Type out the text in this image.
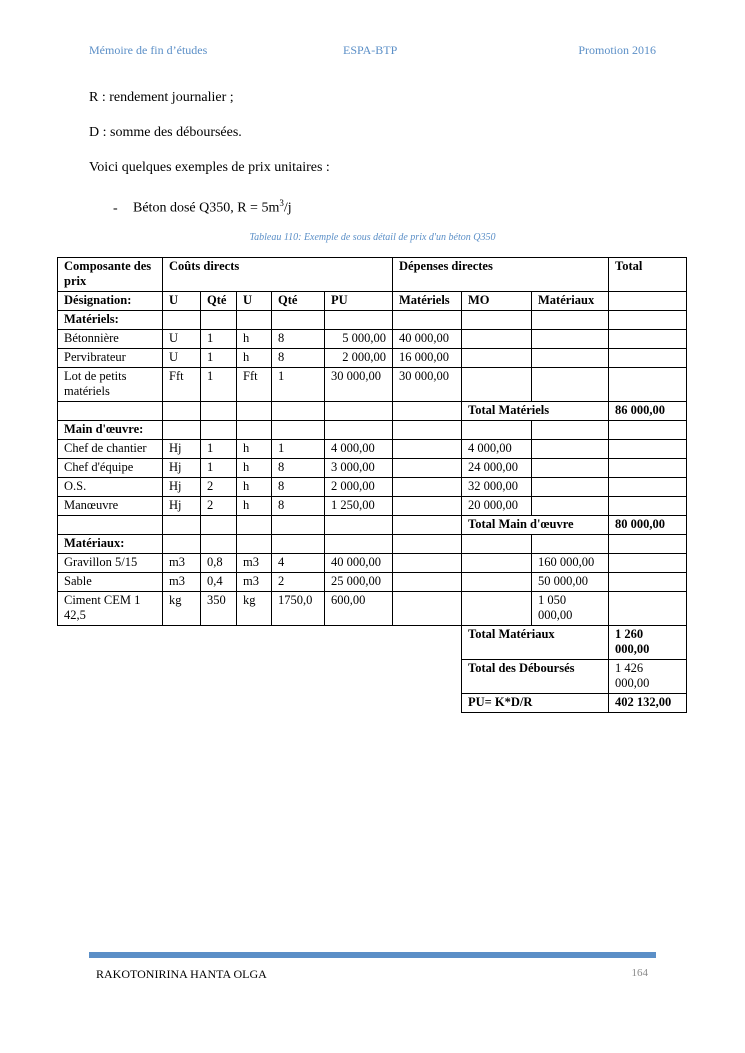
Mémoire de fin d’études	ESPA-BTP	Promotion 2016
R : rendement journalier ;
D : somme des déboursées.
Voici quelques exemples de prix unitaires :
- Béton dosé Q350, $R = 5m^3/j$
Tableau 110: Exemple de sous détail de prix d'un béton Q350
Composante des prix	Coûts directs					Dépenses directes			Total
Désignation:	U	Qté	U	Qté	PU	Matériels	MO	Matériaux	
Matériels:									
Bétonnière	U	1	h	8	5 000,00	40 000,00			
Pervibrateur	U	1	h	8	2 000,00	16 000,00			
Lot de petits matériels	Fft	1	Fft	1	30 000,00	30 000,00			
							Total Matériels		86 000,00
Main d'œuvre:									
Chef de chantier	Hj	1	h	1	4 000,00		4 000,00		
Chef d'équipe	Hj	1	h	8	3 000,00		24 000,00		
O.S.	Hj	2	h	8	2 000,00		32 000,00		
Manœuvre	Hj	2	h	8	1 250,00		20 000,00		
							Total Main d'œuvre		80 000,00
Matériaux:									
Gravillon 5/15	m3	0,8	m3	4	40 000,00			160 000,00	
Sable	m3	0,4	m3	2	25 000,00			50 000,00	
Ciment CEM 1 42,5	kg	350	kg	1750,0	600,00			1 050 000,00	
							Total Matériaux		1 260 000,00
							Total des Déboursés		1 426 000,00
							PU= K*D/R		402 132,00
RAKOTONIRINA HANTA OLGA	164
